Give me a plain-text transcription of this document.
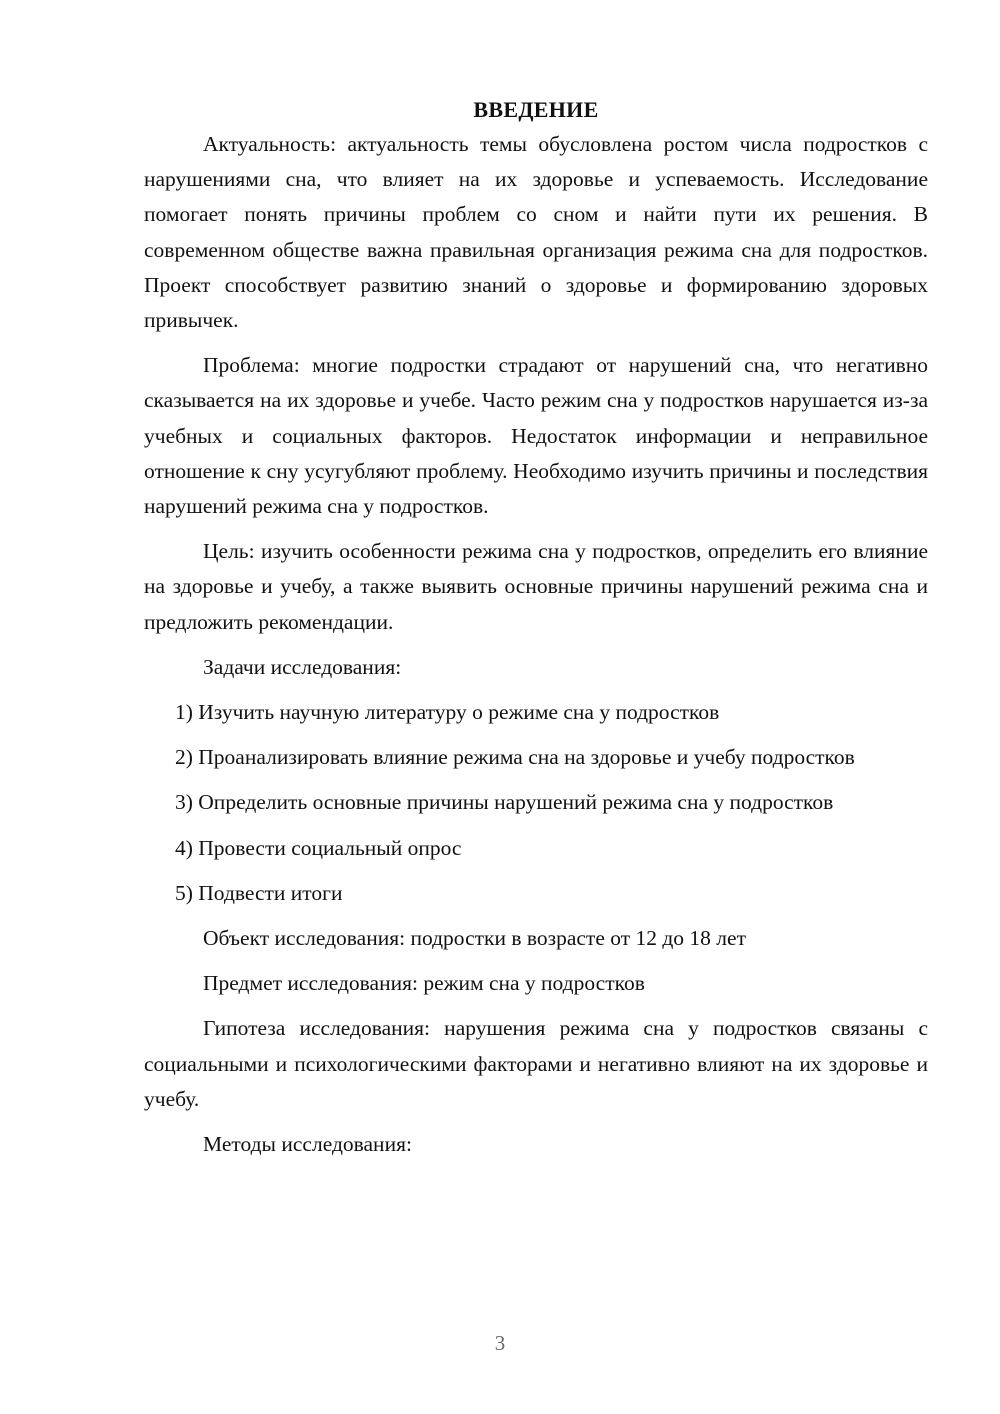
ВВЕДЕНИЕ

Актуальность: актуальность темы обусловлена ростом числа подростков с нарушениями сна, что влияет на их здоровье и успеваемость. Исследование помогает понять причины проблем со сном и найти пути их решения. В современном обществе важна правильная организация режима сна для подростков. Проект способствует развитию знаний о здоровье и формированию здоровых привычек.

Проблема: многие подростки страдают от нарушений сна, что негативно сказывается на их здоровье и учебе. Часто режим сна у подростков нарушается из-за учебных и социальных факторов. Недостаток информации и неправильное отношение к сну усугубляют проблему. Необходимо изучить причины и последствия нарушений режима сна у подростков.

Цель: изучить особенности режима сна у подростков, определить его влияние на здоровье и учебу, а также выявить основные причины нарушений режима сна и предложить рекомендации.

Задачи исследования:

1) Изучить научную литературу о режиме сна у подростков

2) Проанализировать влияние режима сна на здоровье и учебу подростков

3) Определить основные причины нарушений режима сна у подростков

4) Провести социальный опрос

5) Подвести итоги

Объект исследования: подростки в возрасте от 12 до 18 лет

Предмет исследования: режим сна у подростков

Гипотеза исследования: нарушения режима сна у подростков связаны с социальными и психологическими факторами и негативно влияют на их здоровье и учебу.

Методы исследования:

3
